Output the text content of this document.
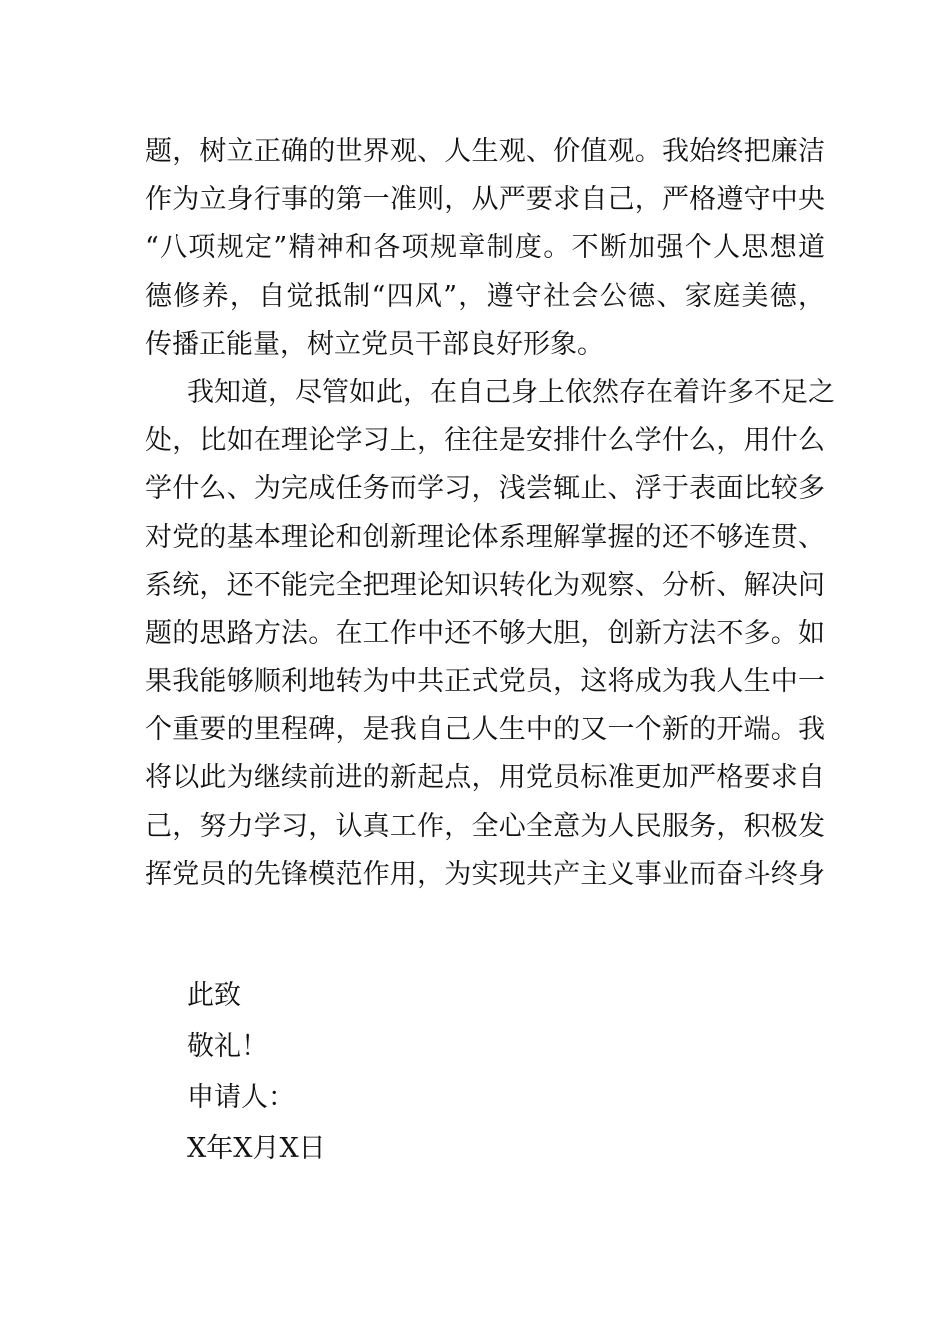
题，树立正确的世界观、人生观、价值观。我始终把廉洁
作为立身行事的第一准则，从严要求自己，严格遵守中央
“八项规定”精神和各项规章制度。不断加强个人思想道
德修养，自觉抵制“四风”，遵守社会公德、家庭美德，
传播正能量，树立党员干部良好形象。
我知道，尽管如此，在自己身上依然存在着许多不足之
处，比如在理论学习上，往往是安排什么学什么，用什么
学什么、为完成任务而学习，浅尝辄止、浮于表面比较多
对党的基本理论和创新理论体系理解掌握的还不够连贯、
系统，还不能完全把理论知识转化为观察、分析、解决问
题的思路方法。在工作中还不够大胆，创新方法不多。如
果我能够顺利地转为中共正式党员，这将成为我人生中一
个重要的里程碑，是我自己人生中的又一个新的开端。我
将以此为继续前进的新起点，用党员标准更加严格要求自
己，努力学习，认真工作，全心全意为人民服务，积极发
挥党员的先锋模范作用，为实现共产主义事业而奋斗终身
此致
敬礼！
申请人：
X年X月X日
